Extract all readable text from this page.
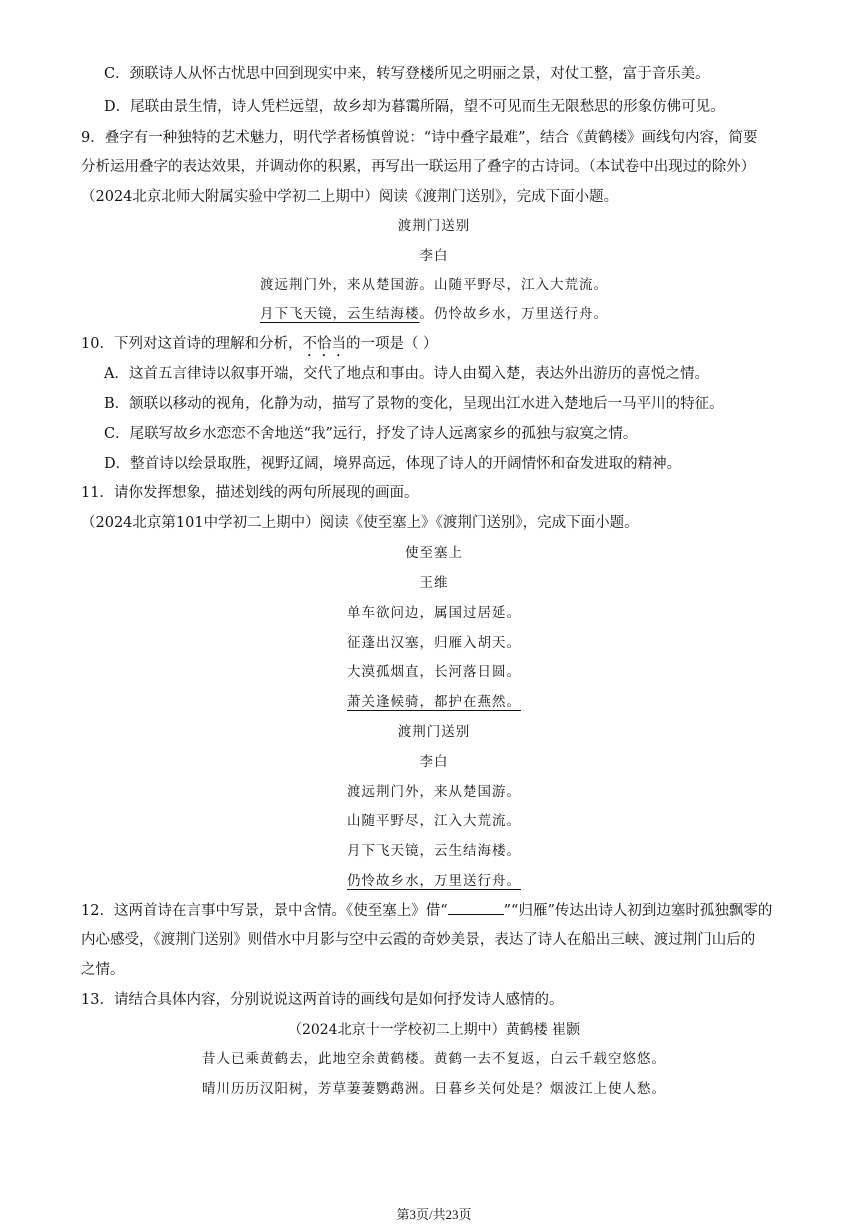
C．颈联诗人从怀古忧思中回到现实中来，转写登楼所见之明丽之景，对仗工整，富于音乐美。
D．尾联由景生情，诗人凭栏远望，故乡却为暮霭所隔，望不可见而生无限愁思的形象仿佛可见。
9．叠字有一种独特的艺术魅力，明代学者杨慎曾说：“诗中叠字最难”，结合《黄鹤楼》画线句内容，简要
分析运用叠字的表达效果，并调动你的积累，再写出一联运用了叠字的古诗词。（本试卷中出现过的除外）
（2024北京北师大附属实验中学初二上期中）阅读《渡荆门送别》，完成下面小题。
渡荆门送别
李白
渡远荆门外，来从楚国游。山随平野尽，江入大荒流。
月下飞天镜，云生结海楼。仍怜故乡水，万里送行舟。
10．下列对这首诗的理解和分析，不恰当的一项是（ ）
A．这首五言律诗以叙事开端，交代了地点和事由。诗人由蜀入楚，表达外出游历的喜悦之情。
B．颔联以移动的视角，化静为动，描写了景物的变化，呈现出江水进入楚地后一马平川的特征。
C．尾联写故乡水恋恋不舍地送“我”远行，抒发了诗人远离家乡的孤独与寂寞之情。
D．整首诗以绘景取胜，视野辽阔，境界高远，体现了诗人的开阔情怀和奋发进取的精神。
11．请你发挥想象，描述划线的两句所展现的画面。
（2024北京第101中学初二上期中）阅读《使至塞上》《渡荆门送别》，完成下面小题。
使至塞上
王维
单车欲问边，属国过居延。
征蓬出汉塞，归雁入胡天。
大漠孤烟直，长河落日圆。
萧关逢候骑，都护在燕然。
渡荆门送别
李白
渡远荆门外，来从楚国游。
山随平野尽，江入大荒流。
月下飞天镜，云生结海楼。
仍怜故乡水，万里送行舟。
12．这两首诗在言事中写景，景中含情。《使至塞上》借“	”“归雁”传达出诗人初到边塞时孤独飘零的
内心感受，《渡荆门送别》则借水中月影与空中云霞的奇妙美景，表达了诗人在船出三峡、渡过荆门山后的
之情。
13．请结合具体内容，分别说说这两首诗的画线句是如何抒发诗人感情的。
（2024北京十一学校初二上期中）黄鹤楼 崔颢
昔人已乘黄鹤去，此地空余黄鹤楼。黄鹤一去不复返，白云千载空悠悠。
晴川历历汉阳树，芳草萋萋鹦鹉洲。日暮乡关何处是？烟波江上使人愁。
第3页/共23页
